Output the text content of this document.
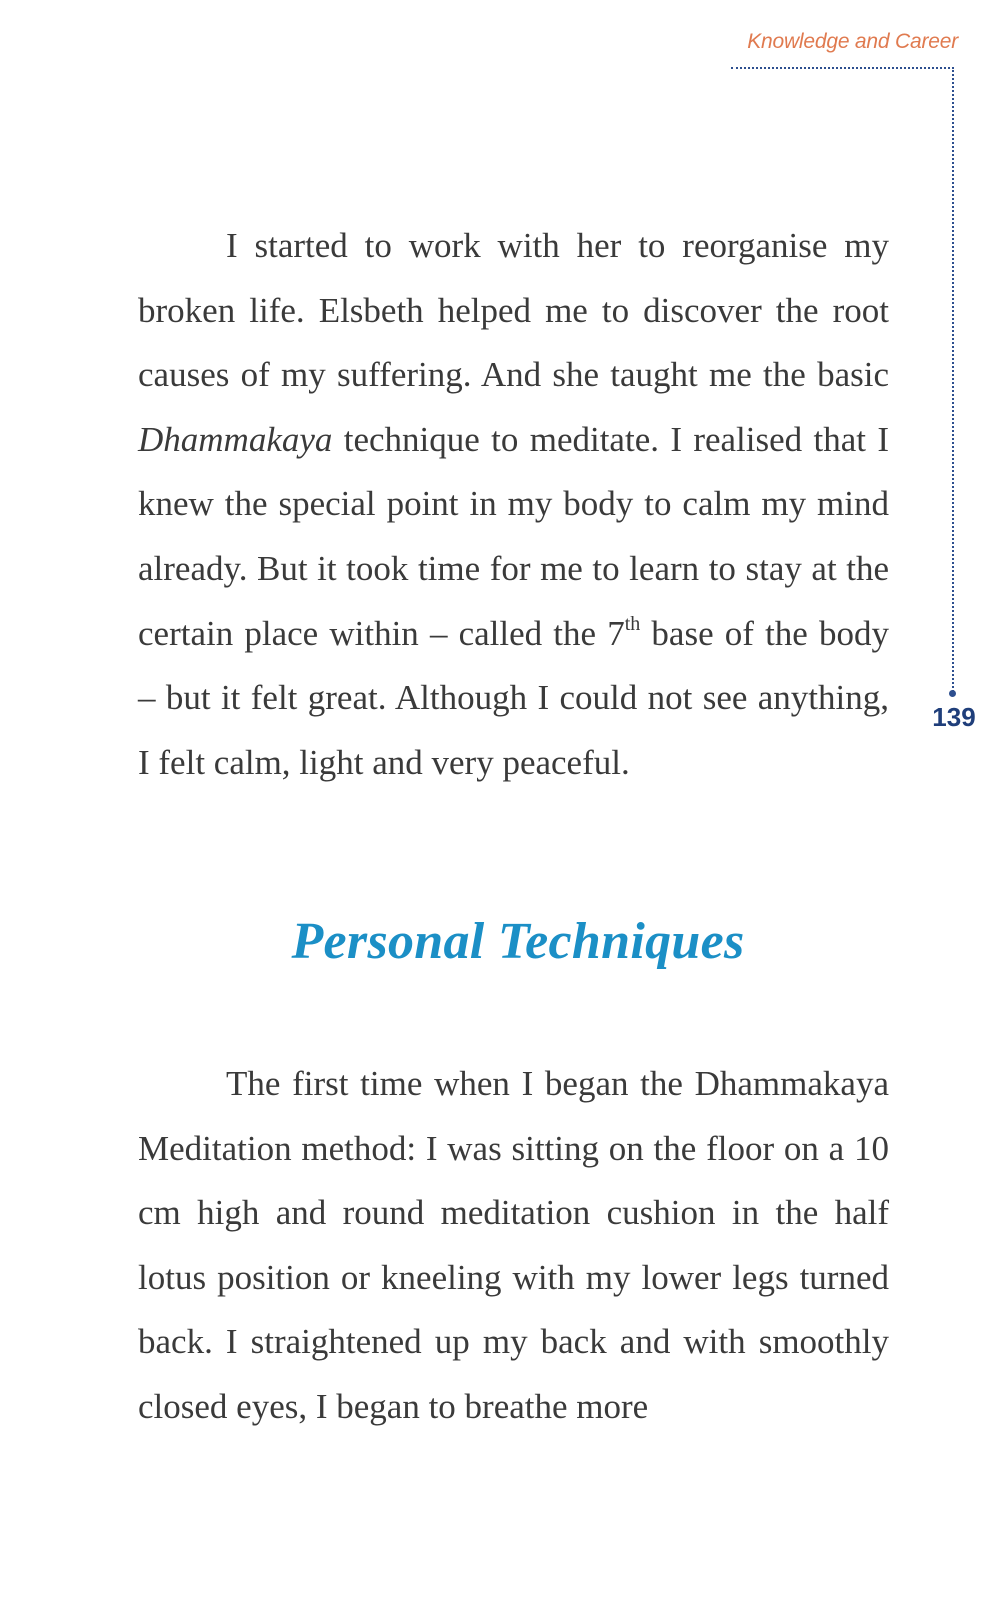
Knowledge and Career
139

I started to work with her to reorganise my broken life. Elsbeth helped me to discover the root causes of my suffering. And she taught me the basic Dhammakaya technique to meditate. I realised that I knew the special point in my body to calm my mind already. But it took time for me to learn to stay at the certain place within – called the 7th base of the body – but it felt great. Although I could not see anything, I felt calm, light and very peaceful.

Personal Techniques

The first time when I began the Dhammakaya Meditation method: I was sitting on the floor on a 10 cm high and round meditation cushion in the half lotus position or kneeling with my lower legs turned back. I straightened up my back and with smoothly closed eyes, I began to breathe more
